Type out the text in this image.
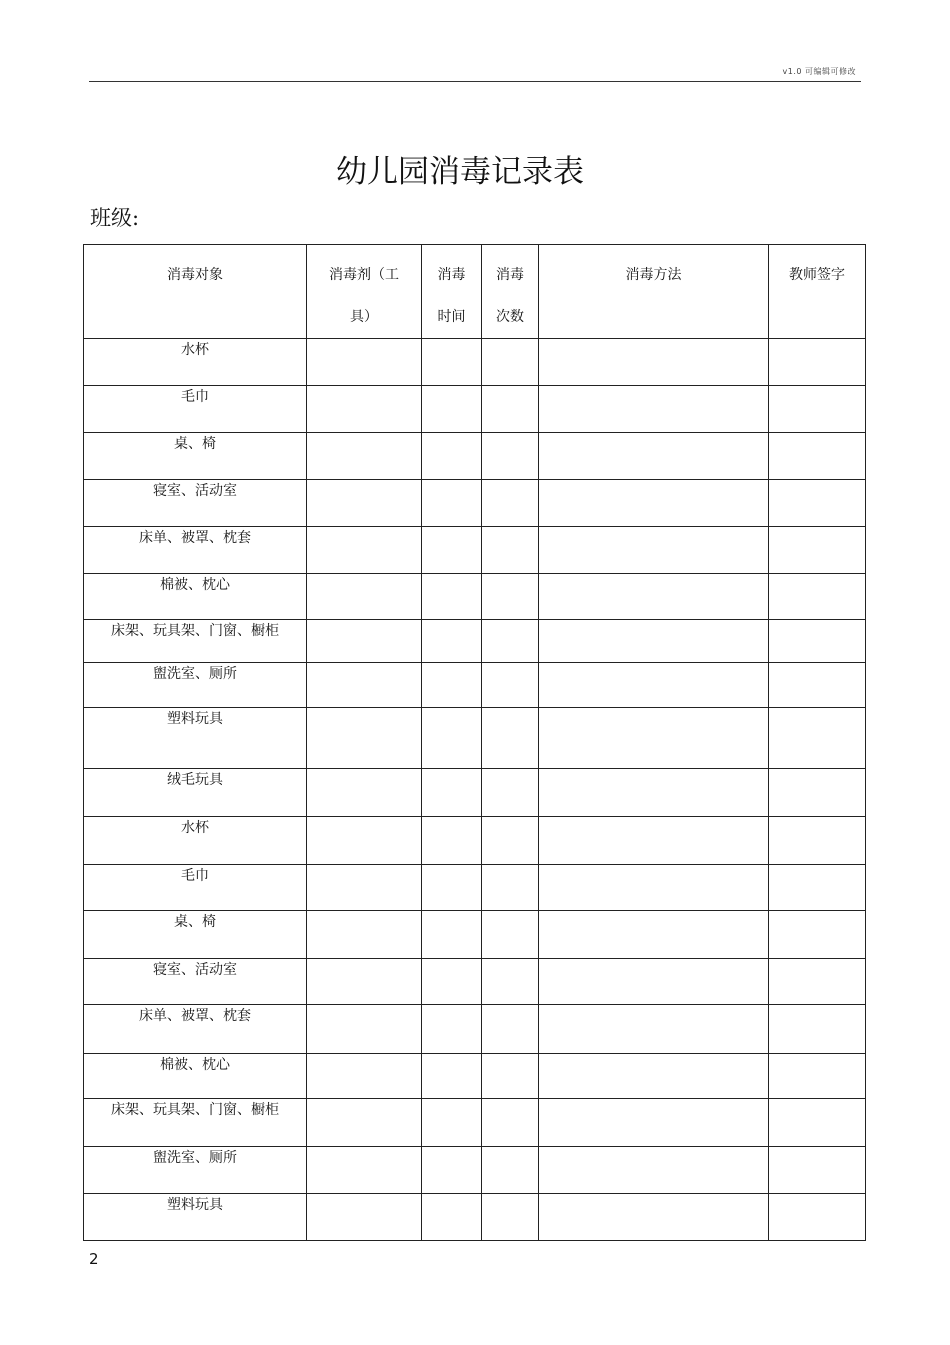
v1.0 可编辑可修改
幼儿园消毒记录表
班级:
消毒对象	消毒剂（工具）	消毒时间	消毒次数	消毒方法	教师签字

水杯					
毛巾					
桌、椅					
寝室、活动室					
床单、被罩、枕套					
棉被、枕心					
床架、玩具架、门窗、橱柜					
盥洗室、厕所					
塑料玩具					
绒毛玩具					
水杯					
毛巾					
桌、椅					
寝室、活动室					
床单、被罩、枕套					
棉被、枕心					
床架、玩具架、门窗、橱柜					
盥洗室、厕所					
塑料玩具					
2
